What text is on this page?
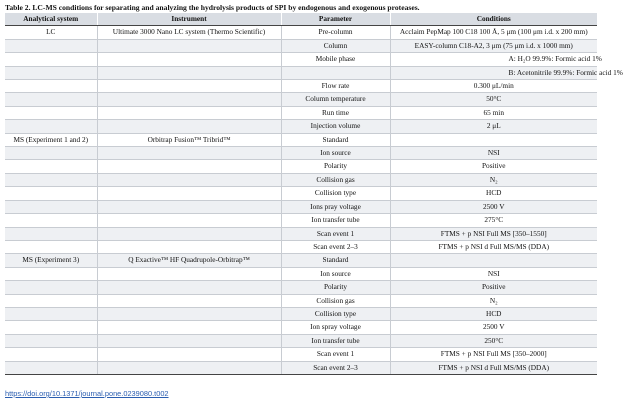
Table 2. LC-MS conditions for separating and analyzing the hydrolysis products of SPI by endogenous and exogenous proteases.
Analytical system	Instrument	Parameter	Conditions
LC	Ultimate 3000 Nano LC system (Thermo Scientific)	Pre-column	Acclaim PepMap 100 C18 100 Å, 5 μm (100 μm i.d. x 200 mm)
		Column	EASY-column C18-A2, 3 μm (75 μm i.d. x 1000 mm)
		Mobile phase	A: H₂O 99.9%: Formic acid 1%
			B: Acetonitrile 99.9%: Formic acid 1%
		Flow rate	0.300 μL/min
		Column temperature	50°C
		Run time	65 min
		Injection volume	2 μL
MS (Experiment 1 and 2)	Orbitrap Fusion™ Tribrid™	Standard	
		Ion source	NSI
		Polarity	Positive
		Collision gas	N₂
		Collision type	HCD
		Ions pray voltage	2500 V
		Ion transfer tube	275°C
		Scan event 1	FTMS + p NSI Full MS [350–1550]
		Scan event 2–3	FTMS + p NSI d Full MS/MS (DDA)
MS (Experiment 3)	Q Exactive™ HF Quadrupole-Orbitrap™	Standard	
		Ion source	NSI
		Polarity	Positive
		Collision gas	N₂
		Collision type	HCD
		Ion spray voltage	2500 V
		Ion transfer tube	250°C
		Scan event 1	FTMS + p NSI Full MS [350–2000]
		Scan event 2–3	FTMS + p NSI d Full MS/MS (DDA)
https://doi.org/10.1371/journal.pone.0239080.t002
